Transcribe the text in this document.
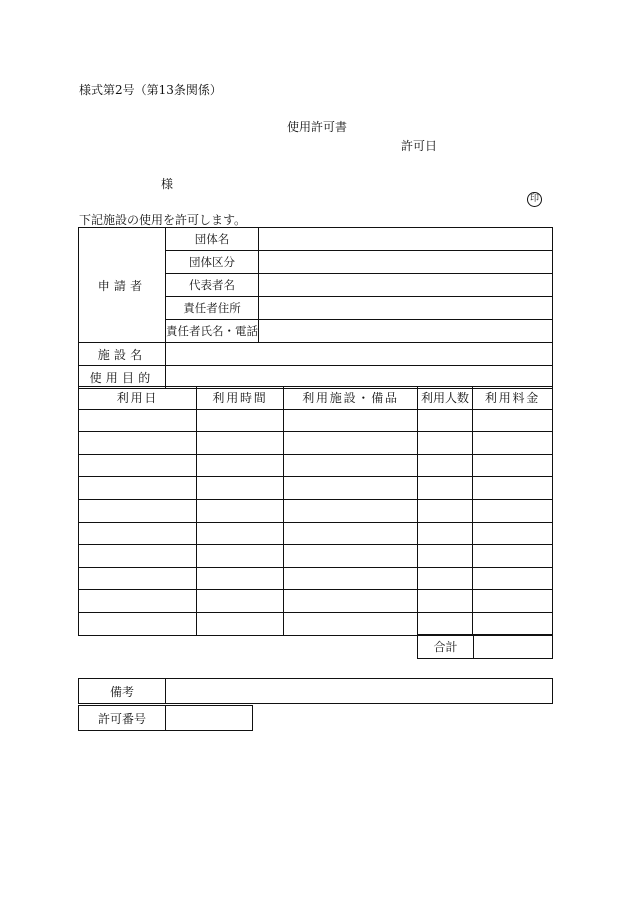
様式第2号（第13条関係）
使用許可書
許可日
様
印
下記施設の使用を許可します。
申請者	団体名	
	団体区分	
	代表者名	
	責任者住所	
	責任者氏名・電話	
施設名		
使用目的		
利用日	利用時間	利用施設・備品	利用人数	利用料金

合計	
備考	
許可番号	
